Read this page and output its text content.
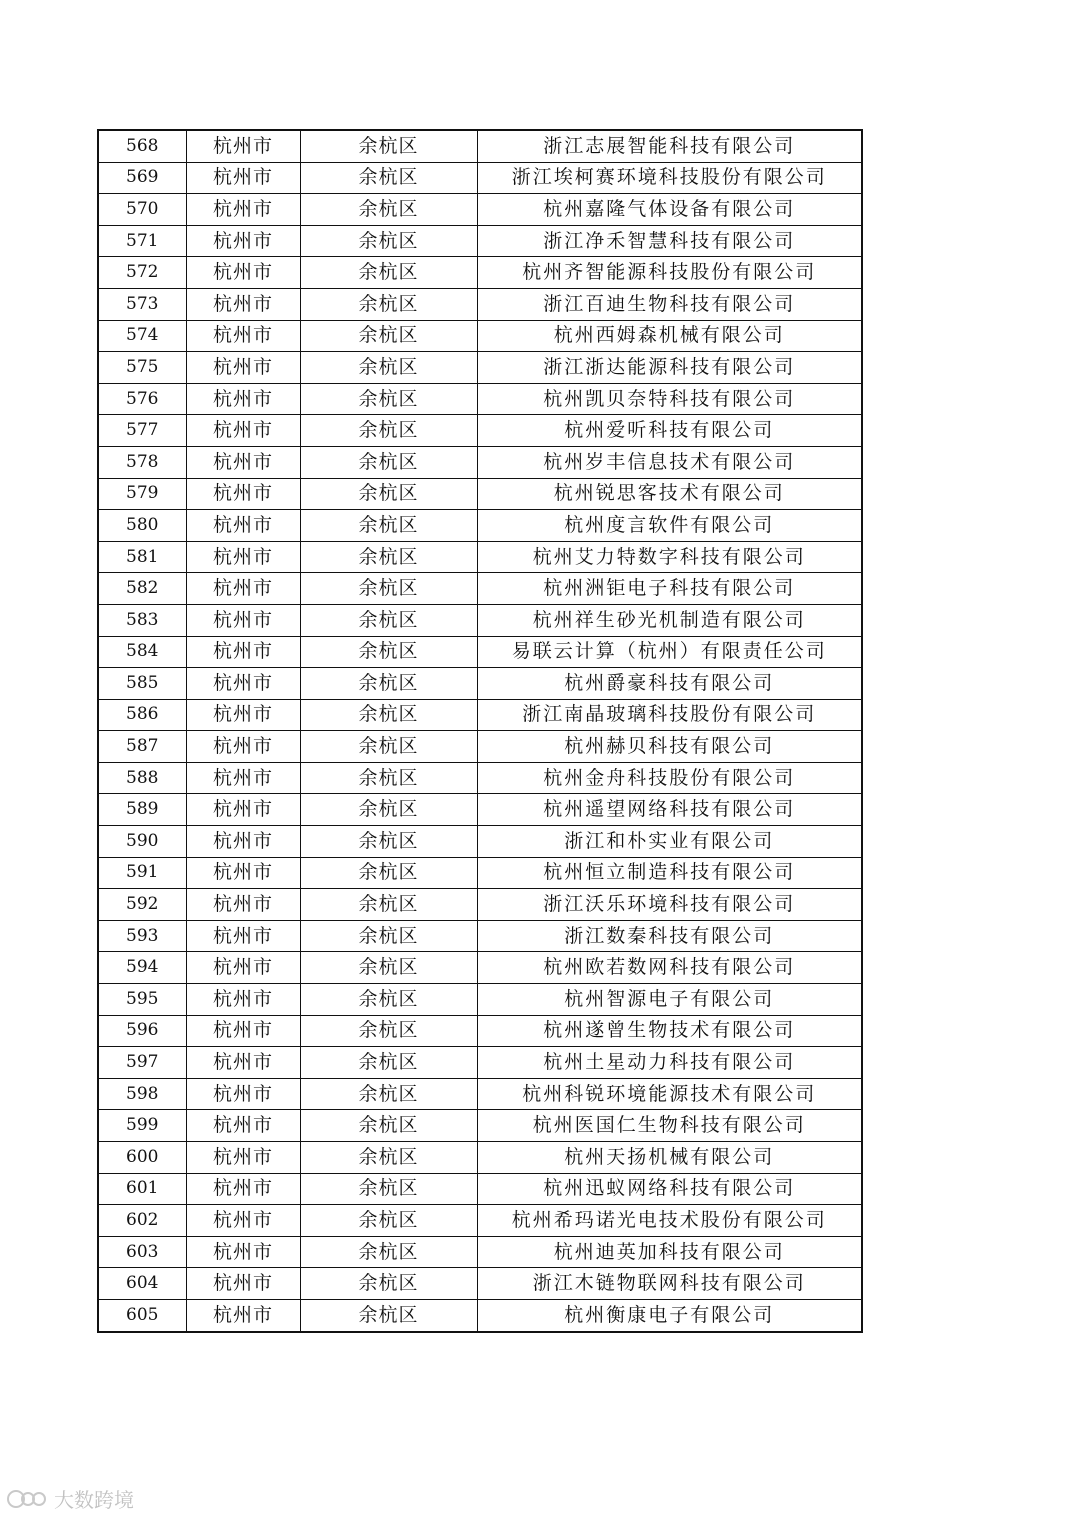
568	杭州市	余杭区	浙江志展智能科技有限公司
569	杭州市	余杭区	浙江埃柯赛环境科技股份有限公司
570	杭州市	余杭区	杭州嘉隆气体设备有限公司
571	杭州市	余杭区	浙江净禾智慧科技有限公司
572	杭州市	余杭区	杭州齐智能源科技股份有限公司
573	杭州市	余杭区	浙江百迪生物科技有限公司
574	杭州市	余杭区	杭州西姆森机械有限公司
575	杭州市	余杭区	浙江浙达能源科技有限公司
576	杭州市	余杭区	杭州凯贝奈特科技有限公司
577	杭州市	余杭区	杭州爱听科技有限公司
578	杭州市	余杭区	杭州岁丰信息技术有限公司
579	杭州市	余杭区	杭州锐思客技术有限公司
580	杭州市	余杭区	杭州度言软件有限公司
581	杭州市	余杭区	杭州艾力特数字科技有限公司
582	杭州市	余杭区	杭州洲钜电子科技有限公司
583	杭州市	余杭区	杭州祥生砂光机制造有限公司
584	杭州市	余杭区	易联云计算（杭州）有限责任公司
585	杭州市	余杭区	杭州爵豪科技有限公司
586	杭州市	余杭区	浙江南晶玻璃科技股份有限公司
587	杭州市	余杭区	杭州赫贝科技有限公司
588	杭州市	余杭区	杭州金舟科技股份有限公司
589	杭州市	余杭区	杭州遥望网络科技有限公司
590	杭州市	余杭区	浙江和朴实业有限公司
591	杭州市	余杭区	杭州恒立制造科技有限公司
592	杭州市	余杭区	浙江沃乐环境科技有限公司
593	杭州市	余杭区	浙江数秦科技有限公司
594	杭州市	余杭区	杭州欧若数网科技有限公司
595	杭州市	余杭区	杭州智源电子有限公司
596	杭州市	余杭区	杭州遂曾生物技术有限公司
597	杭州市	余杭区	杭州土星动力科技有限公司
598	杭州市	余杭区	杭州科锐环境能源技术有限公司
599	杭州市	余杭区	杭州医国仁生物科技有限公司
600	杭州市	余杭区	杭州天扬机械有限公司
601	杭州市	余杭区	杭州迅蚁网络科技有限公司
602	杭州市	余杭区	杭州希玛诺光电技术股份有限公司
603	杭州市	余杭区	杭州迪英加科技有限公司
604	杭州市	余杭区	浙江木链物联网科技有限公司
605	杭州市	余杭区	杭州衡康电子有限公司
大数跨境
